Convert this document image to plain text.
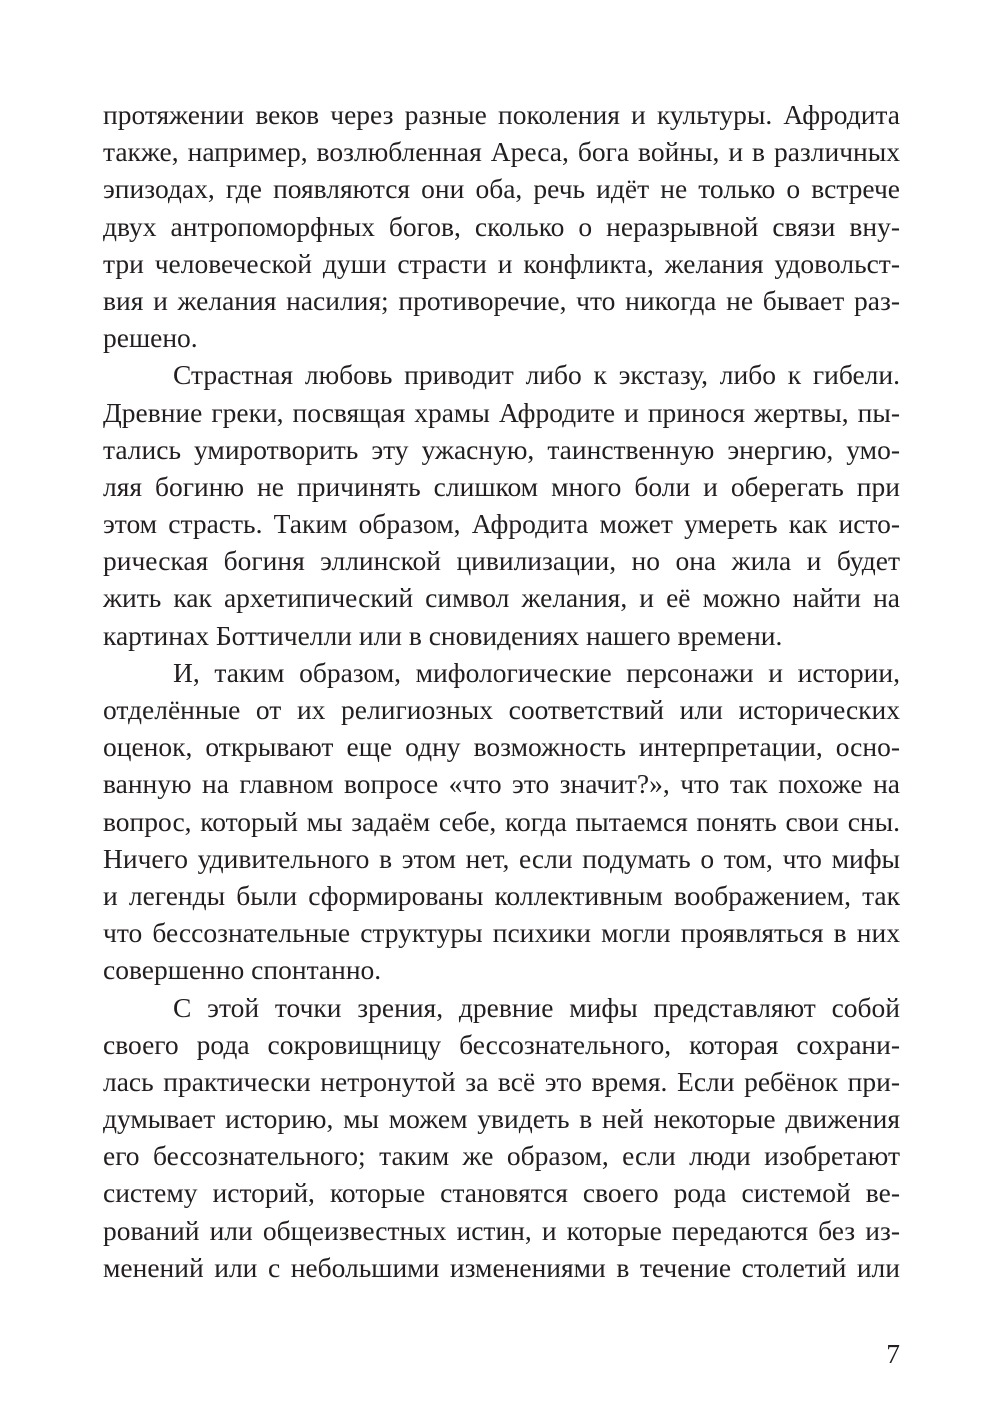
протяжении веков через разные поколения и культуры. Афродита
также, например, возлюбленная Ареса, бога войны, и в различных
эпизодах, где появляются они оба, речь идёт не только о встрече
двух антропоморфных богов, сколько о неразрывной связи вну-
три человеческой души страсти и конфликта, желания удовольст-
вия и желания насилия; противоречие, что никогда не бывает раз-
решено.
Страстная любовь приводит либо к экстазу, либо к гибели.
Древние греки, посвящая храмы Афродите и принося жертвы, пы-
тались умиротворить эту ужасную, таинственную энергию, умо-
ляя богиню не причинять слишком много боли и оберегать при
этом страсть. Таким образом, Афродита может умереть как исто-
рическая богиня эллинской цивилизации, но она жила и будет
жить как архетипический символ желания, и её можно найти на
картинах Боттичелли или в сновидениях нашего времени.
И, таким образом, мифологические персонажи и истории,
отделённые от их религиозных соответствий или исторических
оценок, открывают еще одну возможность интерпретации, осно-
ванную на главном вопросе «что это значит?», что так похоже на
вопрос, который мы задаём себе, когда пытаемся понять свои сны.
Ничего удивительного в этом нет, если подумать о том, что мифы
и легенды были сформированы коллективным воображением, так
что бессознательные структуры психики могли проявляться в них
совершенно спонтанно.
С этой точки зрения, древние мифы представляют собой
своего рода сокровищницу бессознательного, которая сохрани-
лась практически нетронутой за всё это время. Если ребёнок при-
думывает историю, мы можем увидеть в ней некоторые движения
его бессознательного; таким же образом, если люди изобретают
систему историй, которые становятся своего рода системой ве-
рований или общеизвестных истин, и которые передаются без из-
менений или с небольшими изменениями в течение столетий или
7
